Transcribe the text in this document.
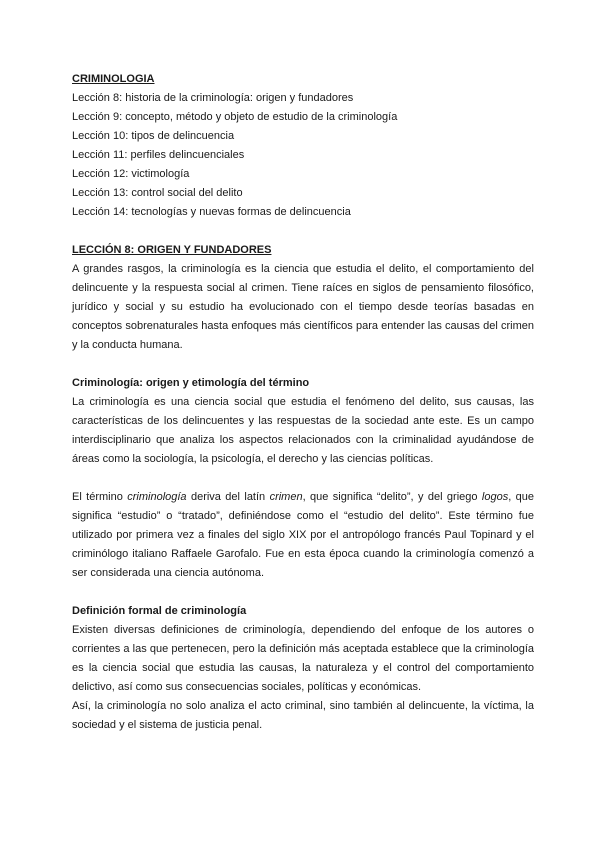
CRIMINOLOGIA

Lección 8: historia de la criminología: origen y fundadores

Lección 9: concepto, método y objeto de estudio de la criminología

Lección 10: tipos de delincuencia

Lección 11: perfiles delincuenciales

Lección 12: victimología

Lección 13: control social del delito

Lección 14: tecnologías y nuevas formas de delincuencia

LECCIÓN 8: ORIGEN Y FUNDADORES

A grandes rasgos, la criminología es la ciencia que estudia el delito, el comportamiento del delincuente y la respuesta social al crimen. Tiene raíces en siglos de pensamiento filosófico, jurídico y social y su estudio ha evolucionado con el tiempo desde teorías basadas en conceptos sobrenaturales hasta enfoques más científicos para entender las causas del crimen y la conducta humana.

Criminología: origen y etimología del término

La criminología es una ciencia social que estudia el fenómeno del delito, sus causas, las características de los delincuentes y las respuestas de la sociedad ante este. Es un campo interdisciplinario que analiza los aspectos relacionados con la criminalidad ayudándose de áreas como la sociología, la psicología, el derecho y las ciencias políticas.

El término criminología deriva del latín crimen, que significa “delito”, y del griego logos, que significa “estudio” o “tratado”, definiéndose como el “estudio del delito”. Este término fue utilizado por primera vez a finales del siglo XIX por el antropólogo francés Paul Topinard y el criminólogo italiano Raffaele Garofalo. Fue en esta época cuando la criminología comenzó a ser considerada una ciencia autónoma.

Definición formal de criminología

Existen diversas definiciones de criminología, dependiendo del enfoque de los autores o corrientes a las que pertenecen, pero la definición más aceptada establece que la criminología es la ciencia social que estudia las causas, la naturaleza y el control del comportamiento delictivo, así como sus consecuencias sociales, políticas y económicas.

Así, la criminología no solo analiza el acto criminal, sino también al delincuente, la víctima, la sociedad y el sistema de justicia penal.
